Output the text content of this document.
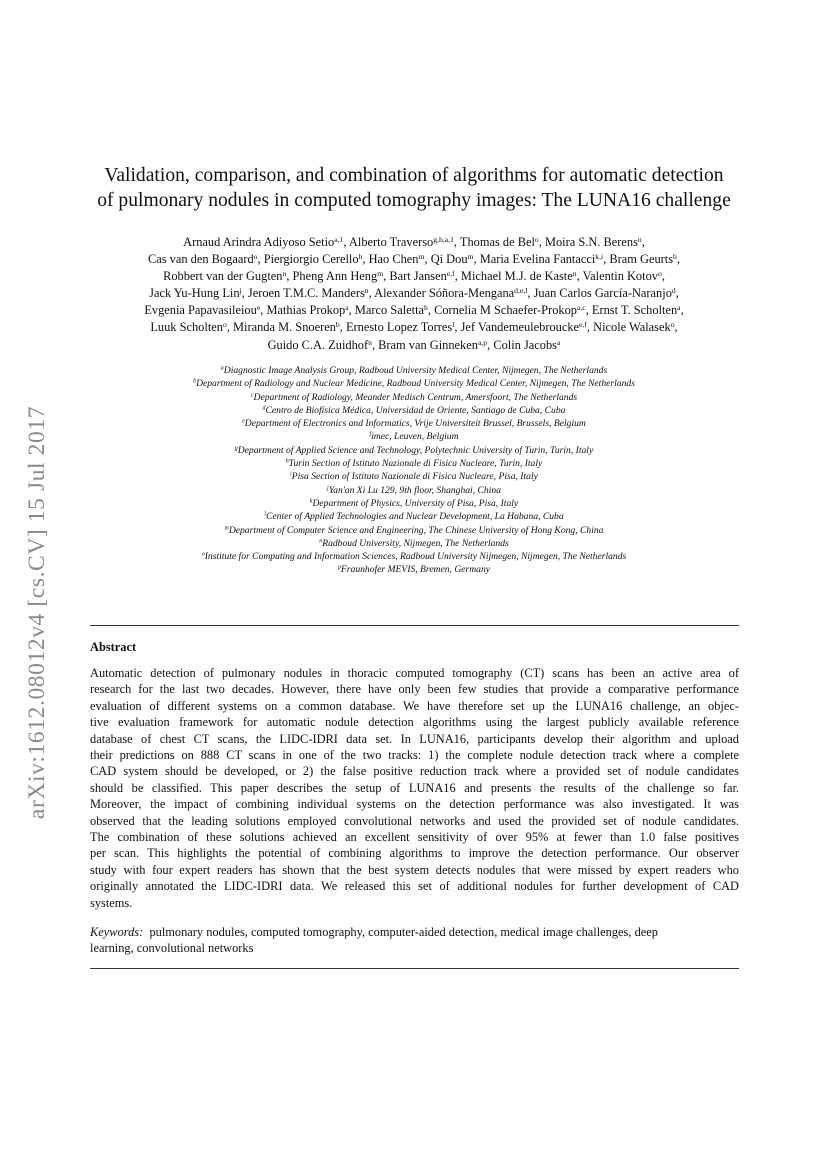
arXiv:1612.08012v4 [cs.CV] 15 Jul 2017
Validation, comparison, and combination of algorithms for automatic detection
of pulmonary nodules in computed tomography images: The LUNA16 challenge
Arnaud Arindra Adiyoso Setio$^{a,1}$, Alberto Traverso$^{g,h,a,1}$, Thomas de Bel$^o$, Moira S.N. Berens$^n$,
Cas van den Bogaard$^o$, Piergiorgio Cerello$^h$, Hao Chen$^m$, Qi Dou$^m$, Maria Evelina Fantacci$^{k,i}$, Bram Geurts$^b$,
Robbert van der Gugten$^n$, Pheng Ann Heng$^m$, Bart Jansen$^{e,f}$, Michael M.J. de Kaste$^n$, Valentin Kotov$^o$,
Jack Yu-Hung Lin$^j$, Jeroen T.M.C. Manders$^n$, Alexander Sóñora-Mengana$^{d,e,l}$, Juan Carlos García-Naranjo$^d$,
Evgenia Papavasileiou$^e$, Mathias Prokop$^a$, Marco Saletta$^h$, Cornelia M Schaefer-Prokop$^{a,c}$, Ernst T. Scholten$^a$,
Luuk Scholten$^o$, Miranda M. Snoeren$^b$, Ernesto Lopez Torres$^l$, Jef Vandemeulebroucke$^{e,f}$, Nicole Walasek$^o$,
Guido C.A. Zuidhof$^n$, Bram van Ginneken$^{a,p}$, Colin Jacobs$^a$
$^a$Diagnostic Image Analysis Group, Radboud University Medical Center, Nijmegen, The Netherlands
$^b$Department of Radiology and Nuclear Medicine, Radboud University Medical Center, Nijmegen, The Netherlands
$^c$Department of Radiology, Meander Medisch Centrum, Amersfoort, The Netherlands
$^d$Centro de Biofísica Médica, Universidad de Oriente, Santiago de Cuba, Cuba
$^e$Department of Electronics and Informatics, Vrije Universiteit Brussel, Brussels, Belgium
$^f$imec, Leuven, Belgium
$^g$Department of Applied Science and Technology, Polytechnic University of Turin, Turin, Italy
$^h$Turin Section of Istituto Nazionale di Fisica Nucleare, Turin, Italy
$^i$Pisa Section of Istituto Nazionale di Fisica Nucleare, Pisa, Italy
$^j$Yan'an Xi Lu 129, 9th floor, Shanghai, China
$^k$Department of Physics, University of Pisa, Pisa, Italy
$^l$Center of Applied Technologies and Nuclear Development, La Habana, Cuba
$^m$Department of Computer Science and Engineering, The Chinese University of Hong Kong, China
$^n$Radboud University, Nijmegen, The Netherlands
$^o$Institute for Computing and Information Sciences, Radboud University Nijmegen, Nijmegen, The Netherlands
$^p$Fraunhofer MEVIS, Bremen, Germany
Abstract
Automatic detection of pulmonary nodules in thoracic computed tomography (CT) scans has been an active area of
research for the last two decades. However, there have only been few studies that provide a comparative performance
evaluation of different systems on a common database. We have therefore set up the LUNA16 challenge, an objec-
tive evaluation framework for automatic nodule detection algorithms using the largest publicly available reference
database of chest CT scans, the LIDC-IDRI data set. In LUNA16, participants develop their algorithm and upload
their predictions on 888 CT scans in one of the two tracks: 1) the complete nodule detection track where a complete
CAD system should be developed, or 2) the false positive reduction track where a provided set of nodule candidates
should be classified. This paper describes the setup of LUNA16 and presents the results of the challenge so far.
Moreover, the impact of combining individual systems on the detection performance was also investigated. It was
observed that the leading solutions employed convolutional networks and used the provided set of nodule candidates.
The combination of these solutions achieved an excellent sensitivity of over 95% at fewer than 1.0 false positives
per scan. This highlights the potential of combining algorithms to improve the detection performance. Our observer
study with four expert readers has shown that the best system detects nodules that were missed by expert readers who
originally annotated the LIDC-IDRI data. We released this set of additional nodules for further development of CAD
systems.
Keywords: pulmonary nodules, computed tomography, computer-aided detection, medical image challenges, deep
learning, convolutional networks
